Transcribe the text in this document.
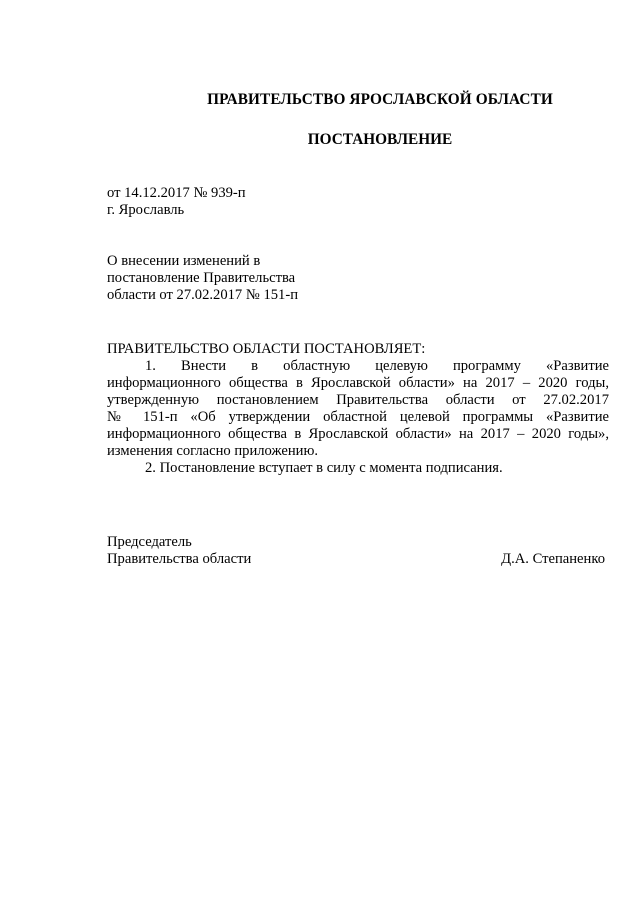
ПРАВИТЕЛЬСТВО ЯРОСЛАВСКОЙ ОБЛАСТИ
ПОСТАНОВЛЕНИЕ
от 14.12.2017 № 939-п
г. Ярославль
О внесении изменений в
постановление Правительства
области от 27.02.2017 № 151-п
ПРАВИТЕЛЬСТВО ОБЛАСТИ ПОСТАНОВЛЯЕТ:
1. Внести в областную целевую программу «Развитие
информационного общества в Ярославской области» на 2017 – 2020 годы,
утвержденную постановлением Правительства области от 27.02.2017
№ 151-п «Об утверждении областной целевой программы «Развитие
информационного общества в Ярославской области» на 2017 – 2020 годы»,
изменения согласно приложению.
2. Постановление вступает в силу с момента подписания.
Председатель
Правительства области	Д.А. Степаненко
